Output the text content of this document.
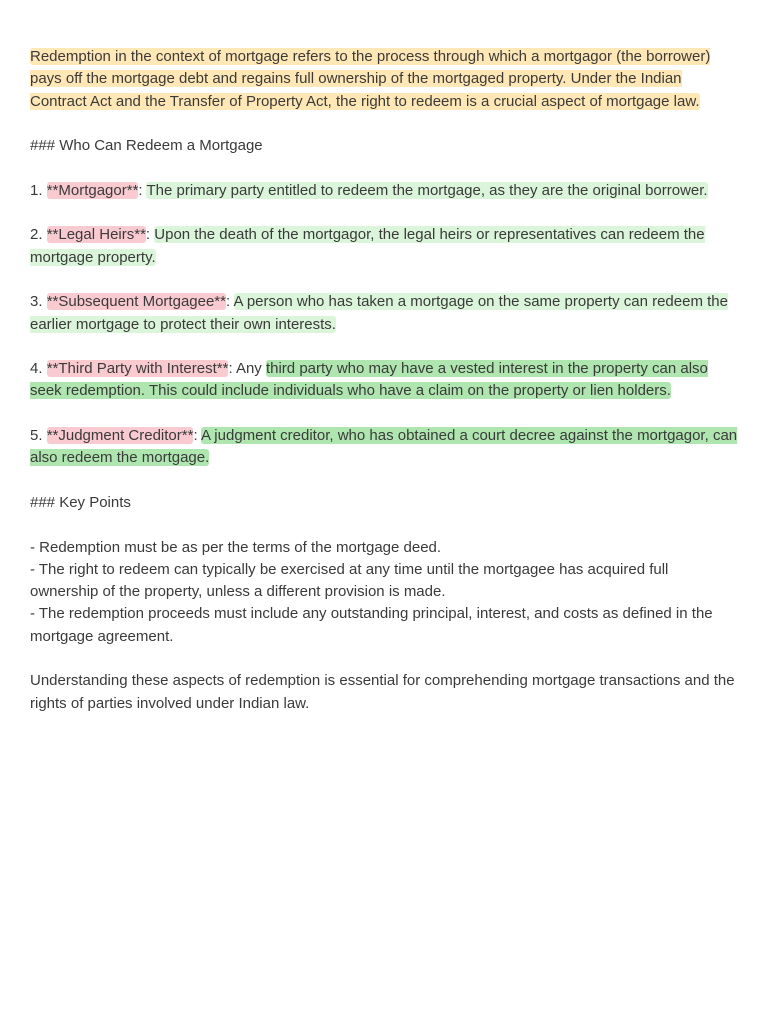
Redemption in the context of mortgage refers to the process through which a mortgagor (the borrower) pays off the mortgage debt and regains full ownership of the mortgaged property. Under the Indian Contract Act and the Transfer of Property Act, the right to redeem is a crucial aspect of mortgage law.

### Who Can Redeem a Mortgage

1. **Mortgagor**: The primary party entitled to redeem the mortgage, as they are the original borrower.

2. **Legal Heirs**: Upon the death of the mortgagor, the legal heirs or representatives can redeem the mortgage property.

3. **Subsequent Mortgagee**: A person who has taken a mortgage on the same property can redeem the earlier mortgage to protect their own interests.

4. **Third Party with Interest**: Any third party who may have a vested interest in the property can also seek redemption. This could include individuals who have a claim on the property or lien holders.

5. **Judgment Creditor**: A judgment creditor, who has obtained a court decree against the mortgagor, can also redeem the mortgage.

### Key Points

- Redemption must be as per the terms of the mortgage deed.

- The right to redeem can typically be exercised at any time until the mortgagee has acquired full ownership of the property, unless a different provision is made.

- The redemption proceeds must include any outstanding principal, interest, and costs as defined in the mortgage agreement.

Understanding these aspects of redemption is essential for comprehending mortgage transactions and the rights of parties involved under Indian law.
